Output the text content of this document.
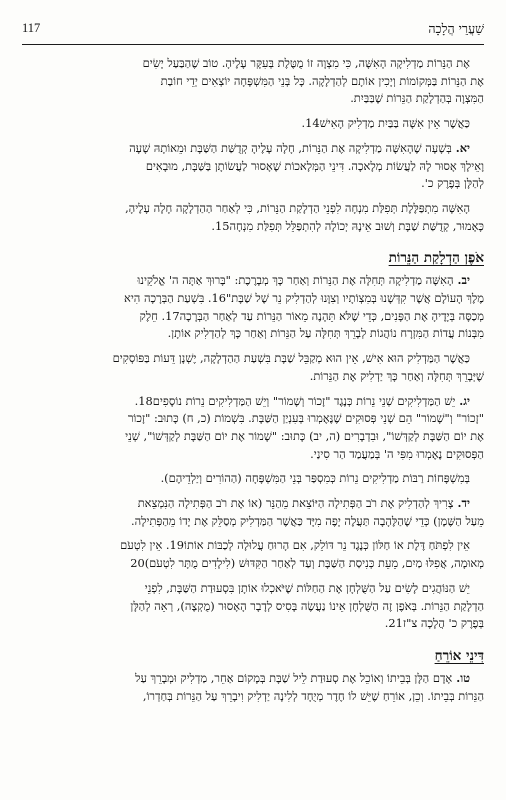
117	שַׁעֲרֵי הֲלָכָה
אֶת הַנֵּרוֹת מַדְלִיקָה הָאִשָּׁה, כִּי מִצְוָה זוֹ מֻטֶּלֶת בְּעִקָּר עָלֶיהָ. טוֹב שֶׁהַבַּעַל יָשִׂים
אֶת הַנֵּרוֹת בַּמְּקוֹמוֹת וְיָכִין אוֹתָם לְהַדְלָקָה. כָּל בְּנֵי הַמִּשְׁפָּחָה יוֹצְאִים יְדֵי חוֹבַת
הַמִּצְוָה בְּהַדְלָקַת הַנֵּרוֹת שֶׁבַּבַּיִת.
כַּאֲשֶׁר אֵין אִשָּׁה בַּבַּיִת מַדְלִיק הָאִישׁ14.
יא. בְּשָׁעָה שֶׁהָאִשָּׁה מַדְלִיקָה אֶת הַנֵּרוֹת, חָלָה עָלֶיהָ קְדֻשַּׁת הַשַּׁבָּת וּמֵאוֹתָהּ שָׁעָה
וָאֵילָךְ אָסוּר לָהּ לַעֲשׂוֹת מְלָאכָה. דִּינֵי הַמְּלָאכוֹת שֶׁאָסוּר לַעֲשׂוֹתָן בַּשַּׁבָּת, מוּבָאִים
לְהַלָּן בְּפֶרֶק כ'.
הָאִשָּׁה מִתְפַּלֶּלֶת תְּפִלַּת מִנְחָה לִפְנֵי הַדְלָקַת הַנֵּרוֹת, כִּי לְאַחַר הַהַדְלָקָה חָלָה עָלֶיהָ,
כָּאָמוּר, קְדֻשַּׁת שַׁבָּת וְשׁוּב אֵינָהּ יְכוֹלָה לְהִתְפַּלֵּל תְּפִלַּת מִנְחָה15.
אֹפֶן הַדְלָקַת הַנֵּרוֹת
יב. הָאִשָּׁה מַדְלִיקָה תְּחִלָּה אֶת הַנֵּרוֹת וְאַחַר כָּךְ מְבָרֶכֶת: "בָּרוּךְ אַתָּה ה' אֱלֹקֵינוּ
מֶלֶךְ הָעוֹלָם אֲשֶׁר קִדְּשָׁנוּ בְּמִצְוֹתָיו וְצִוָּנוּ לְהַדְלִיק נֵר שֶׁל שַׁבָּת"16. בִּשְׁעַת הַבְּרָכָה הִיא
מְכַסָּה בְּיָדֶיהָ אֶת הַפָּנִים, כְּדֵי שֶׁלֹּא תֵּהָנֶה מֵאוֹר הַנֵּרוֹת עַד לְאַחַר הַבְּרָכָה17. חֵלֶק
מִבְּנוֹת עֲדוֹת הַמִּזְרָח נוֹהֲגוֹת לְבָרֵךְ תְּחִלָּה עַל הַנֵּרוֹת וְאַחַר כָּךְ לְהַדְלִיק אוֹתָן.
כַּאֲשֶׁר הַמַּדְלִיק הוּא אִישׁ, אֵין הוּא מְקַבֵּל שַׁבָּת בִּשְׁעַת הַהַדְלָקָה, יֶשְׁנָן דֵּעוֹת בַּפּוֹסְקִים
שֶׁיְּבָרֵךְ תְּחִלָּה וְאַחַר כָּךְ יַדְלִיק אֶת הַנֵּרוֹת.
יג. יֵשׁ הַמַּדְלִיקִים שְׁנֵי נֵרוֹת כְּנֶגֶד "זָכוֹר וְשָׁמוֹר" וְיֵשׁ הַמַּדְלִיקִים נֵרוֹת נוֹסָפִים18.
"זָכוֹר" וְ"שָׁמוֹר" הֵם שְׁנֵי פְּסוּקִים שֶׁנֶּאֶמְרוּ בְּעִנְיַן הַשַּׁבָּת. בִּשְׁמוֹת (כ, ח) כָּתוּב: "זָכוֹר
אֶת יוֹם הַשַּׁבָּת לְקַדְּשׁוֹ", וּבִדְבָרִים (ה, יב) כָּתוּב: "שָׁמוֹר אֶת יוֹם הַשַּׁבָּת לְקַדְּשׁוֹ", שְׁנֵי
הַפְּסוּקִים נֶאֶמְרוּ מִפִּי ה' בְּמַעֲמַד הַר סִינַי.
בְּמִשְׁפָּחוֹת רַבּוֹת מַדְלִיקִים נֵרוֹת כְּמִסְפַּר בְּנֵי הַמִּשְׁפָּחָה (הַהוֹרִים וְיַלְדֵיהֶם).
יד. צָרִיךְ לְהַדְלִיק אֶת רֹב הַפְּתִילָה הַיּוֹצֵאת מֵהַנֵּר (אוֹ אֶת רֹב הַפְּתִילָה הַנִּמְצֵאת
מֵעַל הַשֶּׁמֶן) כְּדֵי שֶׁהַלֶּהָבָה תַּעֲלֶה יָפֶה מִיָּד כַּאֲשֶׁר הַמַּדְלִיק מְסַלֵּק אֶת יָדוֹ מֵהַפְּתִילָה.
אֵין לִפְתֹּחַ דֶּלֶת אוֹ חַלּוֹן כְּנֶגֶד נֵר דּוֹלֵק, אִם הָרוּחַ עֲלוּלָה לְכַבּוֹת אוֹתוֹ19. אֵין לִטְעֹם
מְאוּמָה, אֲפִלּוּ מַיִם, מֵעֵת כְּנִיסַת הַשַּׁבָּת וְעַד לְאַחַר הַקִּדּוּשׁ (לִילָדִים מֻתָּר לִטְעֹם)20
יֵשׁ הַנּוֹהֲגִים לָשִׂים עַל הַשֻּׁלְחָן אֶת הַחַלּוֹת שֶׁיֹּאכְלוּ אוֹתָן בִּסְעוּדַת הַשַּׁבָּת, לִפְנֵי
הַדְלָקַת הַנֵּרוֹת. בְּאֹפֶן זֶה הַשֻּׁלְחָן אֵינוֹ נַעֲשֶׂה בָּסִיס לְדָבָר הָאָסוּר (מֻקְצֶה), רְאֵה לְהַלָּן
בְּפֶרֶק כ' הֲלָכָה צ"ז21.
דִּינֵי אוֹרֵחַ
טו. אָדָם הַלָּן בְּבֵיתוֹ וְאוֹכֵל אֶת סְעוּדַת לֵיל שַׁבָּת בְּמָקוֹם אַחֵר, מַדְלִיק וּמְבָרֵךְ עַל
הַנֵּרוֹת בְּבֵיתוֹ. וְכֵן, אוֹרֵחַ שֶׁיֵּשׁ לוֹ חֶדֶר מְיֻחָד לְלִינָה יַדְלִיק וִיבָרֵךְ עַל הַנֵּרוֹת בְּחַדְרוֹ,
